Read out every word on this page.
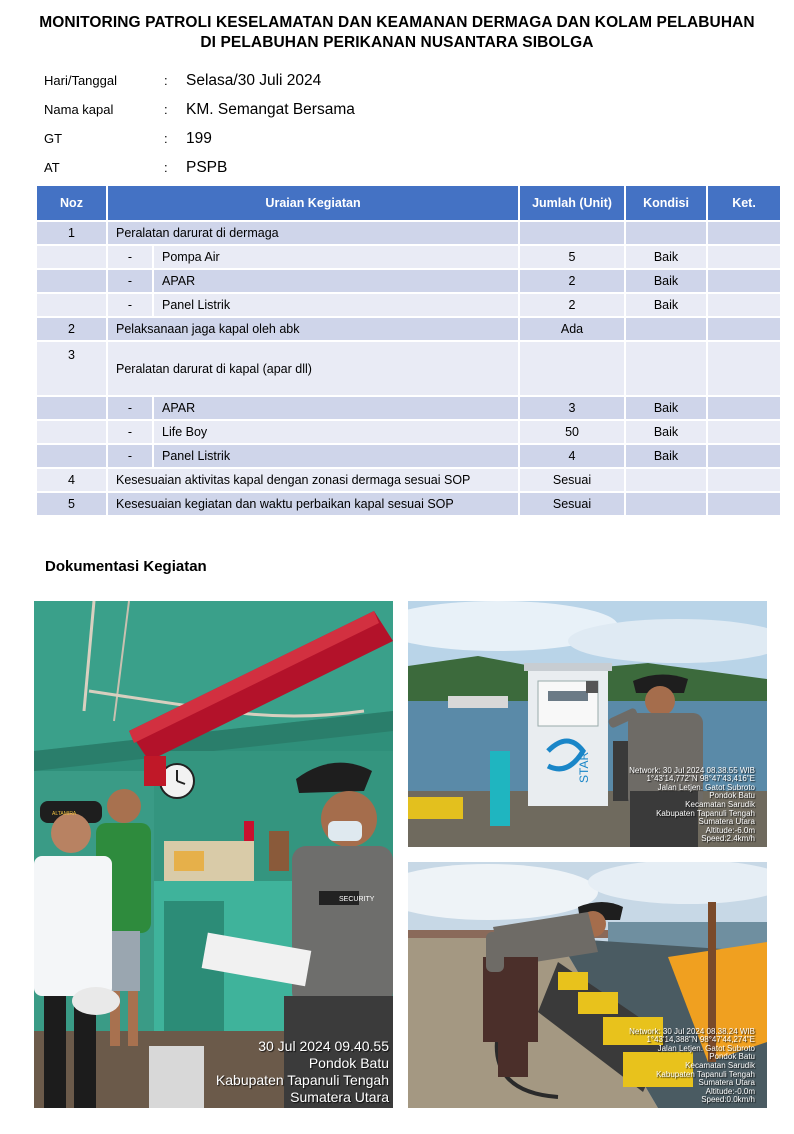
MONITORING PATROLI KESELAMATAN DAN KEAMANAN DERMAGA DAN KOLAM PELABUHAN
DI PELABUHAN PERIKANAN NUSANTARA SIBOLGA
Hari/Tanggal	:	Selasa/30 Juli 2024
Nama kapal	:	KM. Semangat Bersama
GT	:	199
AT	:	PSPB
Noz	Uraian Kegiatan		Jumlah (Unit)	Kondisi	Ket.
1	Peralatan darurat di dermaga				
	-	Pompa Air	5	Baik	
	-	APAR	2	Baik	
	-	Panel Listrik	2	Baik	
2	Pelaksanaan jaga kapal oleh abk		Ada		
3	Peralatan darurat di kapal (apar dll)				
	-	APAR	3	Baik	
	-	Life Boy	50	Baik	
	-	Panel Listrik	4	Baik	
4	Kesesuaian aktivitas kapal dengan zonasi dermaga sesuai SOP		Sesuai		
5	Kesesuaian kegiatan dan waktu perbaikan kapal sesuai SOP		Sesuai		
Dokumentasi Kegiatan
SECURITY
ALTAMIRA
30 Jul 2024 09.40.55
Pondok Batu
Kabupaten Tapanuli Tengah
Sumatera Utara
STAR	Network: 30 Jul 2024 08.38.55 WIB
1°43'14,772"N 98°47'43,416"E
Jalan Letjen. Gatot Subroto
Pondok Batu
Kecamatan Sarudik
Kabupaten Tapanuli Tengah
Sumatera Utara
Altitude:-6.0m
Speed:2.4km/h
Network: 30 Jul 2024 08.38.24 WIB
1°43'14,388"N 98°47'44,274"E
Jalan Letjen. Gatot Subroto
Pondok Batu
Kecamatan Sarudik
Kabupaten Tapanuli Tengah
Sumatera Utara
Altitude:-0.0m
Speed:0.0km/h
